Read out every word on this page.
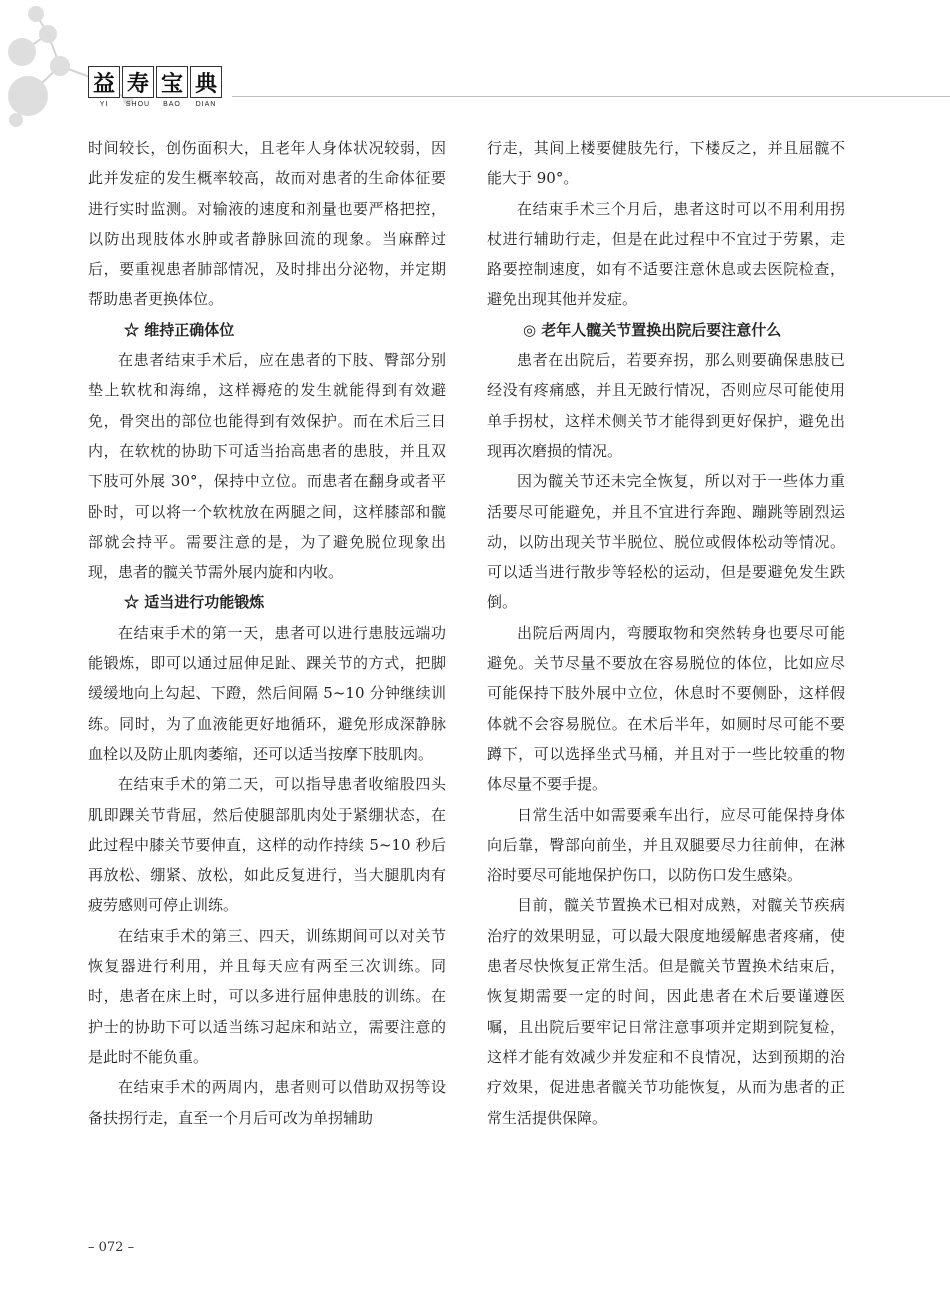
益 寿 宝 典
YI	SHOU	BAO	DIAN

时间较长，创伤面积大，且老年人身体状况较弱，因此并发症的发生概率较高，故而对患者的生命体征要进行实时监测。对输液的速度和剂量也要严格把控，以防出现肢体水肿或者静脉回流的现象。当麻醉过后，要重视患者肺部情况，及时排出分泌物，并定期帮助患者更换体位。

☆ 维持正确体位

在患者结束手术后，应在患者的下肢、臀部分别垫上软枕和海绵，这样褥疮的发生就能得到有效避免，骨突出的部位也能得到有效保护。而在术后三日内，在软枕的协助下可适当抬高患者的患肢，并且双下肢可外展 30°，保持中立位。而患者在翻身或者平卧时，可以将一个软枕放在两腿之间，这样膝部和髋部就会持平。需要注意的是，为了避免脱位现象出现，患者的髋关节需外展内旋和内收。

☆ 适当进行功能锻炼

在结束手术的第一天，患者可以进行患肢远端功能锻炼，即可以通过屈伸足趾、踝关节的方式，把脚缓缓地向上勾起、下蹬，然后间隔 5~10 分钟继续训练。同时，为了血液能更好地循环，避免形成深静脉血栓以及防止肌肉萎缩，还可以适当按摩下肢肌肉。

在结束手术的第二天，可以指导患者收缩股四头肌即踝关节背屈，然后使腿部肌肉处于紧绷状态，在此过程中膝关节要伸直，这样的动作持续 5~10 秒后再放松、绷紧、放松，如此反复进行，当大腿肌肉有疲劳感则可停止训练。

在结束手术的第三、四天，训练期间可以对关节恢复器进行利用，并且每天应有两至三次训练。同时，患者在床上时，可以多进行屈伸患肢的训练。在护士的协助下可以适当练习起床和站立，需要注意的是此时不能负重。

在结束手术的两周内，患者则可以借助双拐等设备扶拐行走，直至一个月后可改为单拐辅助

行走，其间上楼要健肢先行，下楼反之，并且屈髋不能大于 90°。

在结束手术三个月后，患者这时可以不用利用拐杖进行辅助行走，但是在此过程中不宜过于劳累，走路要控制速度，如有不适要注意休息或去医院检查，避免出现其他并发症。

◎ 老年人髋关节置换出院后要注意什么

患者在出院后，若要弃拐，那么则要确保患肢已经没有疼痛感，并且无跛行情况，否则应尽可能使用单手拐杖，这样术侧关节才能得到更好保护，避免出现再次磨损的情况。

因为髋关节还未完全恢复，所以对于一些体力重活要尽可能避免，并且不宜进行奔跑、蹦跳等剧烈运动，以防出现关节半脱位、脱位或假体松动等情况。可以适当进行散步等轻松的运动，但是要避免发生跌倒。

出院后两周内，弯腰取物和突然转身也要尽可能避免。关节尽量不要放在容易脱位的体位，比如应尽可能保持下肢外展中立位，休息时不要侧卧，这样假体就不会容易脱位。在术后半年，如厕时尽可能不要蹲下，可以选择坐式马桶，并且对于一些比较重的物体尽量不要手提。

日常生活中如需要乘车出行，应尽可能保持身体向后靠，臀部向前坐，并且双腿要尽力往前伸，在淋浴时要尽可能地保护伤口，以防伤口发生感染。

目前，髋关节置换术已相对成熟，对髋关节疾病治疗的效果明显，可以最大限度地缓解患者疼痛，使患者尽快恢复正常生活。但是髋关节置换术结束后，恢复期需要一定的时间，因此患者在术后要谨遵医嘱，且出院后要牢记日常注意事项并定期到院复检，这样才能有效减少并发症和不良情况，达到预期的治疗效果，促进患者髋关节功能恢复，从而为患者的正常生活提供保障。

– 072 –
